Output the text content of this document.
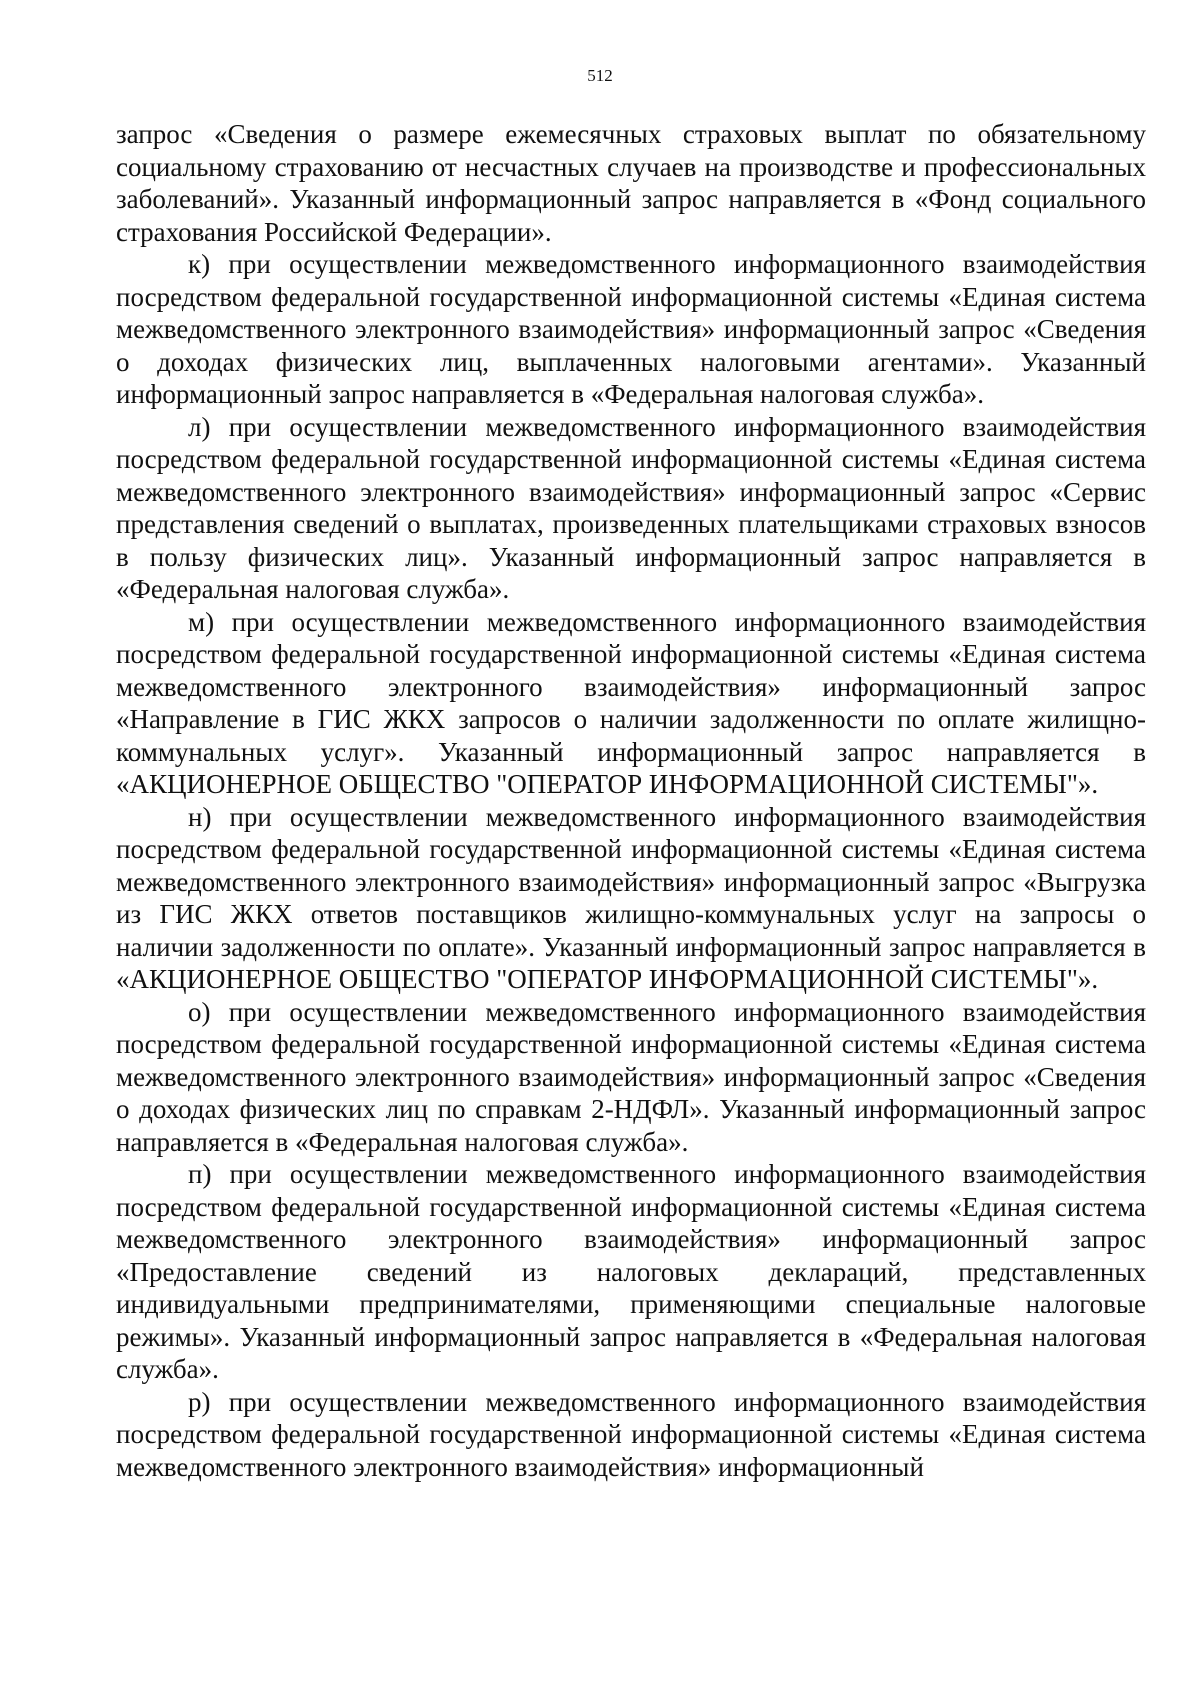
512

запрос «Сведения о размере ежемесячных страховых выплат по обязательному социальному страхованию от несчастных случаев на производстве и профессиональных заболеваний». Указанный информационный запрос направляется в «Фонд социального страхования Российской Федерации».

к) при осуществлении межведомственного информационного взаимодействия посредством федеральной государственной информационной системы «Единая система межведомственного электронного взаимодействия» информационный запрос «Сведения о доходах физических лиц, выплаченных налоговыми агентами». Указанный информационный запрос направляется в «Федеральная налоговая служба».

л) при осуществлении межведомственного информационного взаимодействия посредством федеральной государственной информационной системы «Единая система межведомственного электронного взаимодействия» информационный запрос «Сервис представления сведений о выплатах, произведенных плательщиками страховых взносов в пользу физических лиц». Указанный информационный запрос направляется в «Федеральная налоговая служба».

м) при осуществлении межведомственного информационного взаимодействия посредством федеральной государственной информационной системы «Единая система межведомственного электронного взаимодействия» информационный запрос «Направление в ГИС ЖКХ запросов о наличии задолженности по оплате жилищно-коммунальных услуг». Указанный информационный запрос направляется в «АКЦИОНЕРНОЕ ОБЩЕСТВО "ОПЕРАТОР ИНФОРМАЦИОННОЙ СИСТЕМЫ"».

н) при осуществлении межведомственного информационного взаимодействия посредством федеральной государственной информационной системы «Единая система межведомственного электронного взаимодействия» информационный запрос «Выгрузка из ГИС ЖКХ ответов поставщиков жилищно-коммунальных услуг на запросы о наличии задолженности по оплате». Указанный информационный запрос направляется в «АКЦИОНЕРНОЕ ОБЩЕСТВО "ОПЕРАТОР ИНФОРМАЦИОННОЙ СИСТЕМЫ"».

о) при осуществлении межведомственного информационного взаимодействия посредством федеральной государственной информационной системы «Единая система межведомственного электронного взаимодействия» информационный запрос «Сведения о доходах физических лиц по справкам 2-НДФЛ». Указанный информационный запрос направляется в «Федеральная налоговая служба».

п) при осуществлении межведомственного информационного взаимодействия посредством федеральной государственной информационной системы «Единая система межведомственного электронного взаимодействия» информационный запрос «Предоставление сведений из налоговых деклараций, представленных индивидуальными предпринимателями, применяющими специальные налоговые режимы». Указанный информационный запрос направляется в «Федеральная налоговая служба».

р) при осуществлении межведомственного информационного взаимодействия посредством федеральной государственной информационной системы «Единая система межведомственного электронного взаимодействия» информационный
